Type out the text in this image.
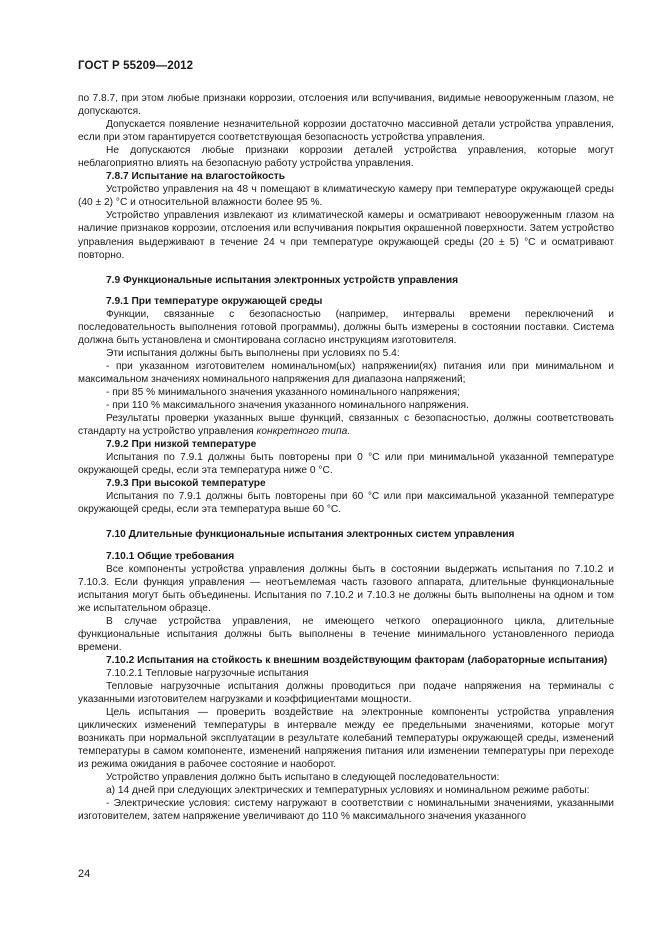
ГОСТ Р 55209—2012

по 7.8.7, при этом любые признаки коррозии, отслоения или вспучивания, видимые невооруженным глазом, не допускаются.

Допускается появление незначительной коррозии достаточно массивной детали устройства управления, если при этом гарантируется соответствующая безопасность устройства управления.

Не допускаются любые признаки коррозии деталей устройства управления, которые могут неблагоприятно влиять на безопасную работу устройства управления.

7.8.7 Испытание на влагостойкость

Устройство управления на 48 ч помещают в климатическую камеру при температуре окружающей среды (40 ± 2) °С и относительной влажности более 95 %.

Устройство управления извлекают из климатической камеры и осматривают невооруженным глазом на наличие признаков коррозии, отслоения или вспучивания покрытия окрашенной поверхности. Затем устройство управления выдерживают в течение 24 ч при температуре окружающей среды (20 ± 5) °С и осматривают повторно.

7.9 Функциональные испытания электронных устройств управления

7.9.1 При температуре окружающей среды

Функции, связанные с безопасностью (например, интервалы времени переключений и последовательность выполнения готовой программы), должны быть измерены в состоянии поставки. Система должна быть установлена и смонтирована согласно инструкциям изготовителя.

Эти испытания должны быть выполнены при условиях по 5.4:

- при указанном изготовителем номинальном(ых) напряжении(ях) питания или при минимальном и максимальном значениях номинального напряжения для диапазона напряжений;

- при 85 % минимального значения указанного номинального напряжения;

- при 110 % максимального значения указанного номинального напряжения.

Результаты проверки указанных выше функций, связанных с безопасностью, должны соответствовать стандарту на устройство управления конкретного типа.

7.9.2 При низкой температуре

Испытания по 7.9.1 должны быть повторены при 0 °С или при минимальной указанной температуре окружающей среды, если эта температура ниже 0 °С.

7.9.3 При высокой температуре

Испытания по 7.9.1 должны быть повторены при 60 °С или при максимальной указанной температуре окружающей среды, если эта температура выше 60 °С.

7.10 Длительные функциональные испытания электронных систем управления

7.10.1 Общие требования

Все компоненты устройства управления должны быть в состоянии выдержать испытания по 7.10.2 и 7.10.3. Если функция управления — неотъемлемая часть газового аппарата, длительные функциональные испытания могут быть объединены. Испытания по 7.10.2 и 7.10.3 не должны быть выполнены на одном и том же испытательном образце.

В случае устройства управления, не имеющего четкого операционного цикла, длительные функциональные испытания должны быть выполнены в течение минимального установленного периода времени.

7.10.2 Испытания на стойкость к внешним воздействующим факторам (лабораторные испытания)

7.10.2.1 Тепловые нагрузочные испытания

Тепловые нагрузочные испытания должны проводиться при подаче напряжения на терминалы с указанными изготовителем нагрузками и коэффициентами мощности.

Цель испытания — проверить воздействие на электронные компоненты устройства управления циклических изменений температуры в интервале между ее предельными значениями, которые могут возникать при нормальной эксплуатации в результате колебаний температуры окружающей среды, изменений температуры в самом компоненте, изменений напряжения питания или изменении температуры при переходе из режима ожидания в рабочее состояние и наоборот.

Устройство управления должно быть испытано в следующей последовательности:

а) 14 дней при следующих электрических и температурных условиях и номинальном режиме работы:

- Электрические условия: систему нагружают в соответствии с номинальными значениями, указанными изготовителем, затем напряжение увеличивают до 110 % максимального значения указанного

24
